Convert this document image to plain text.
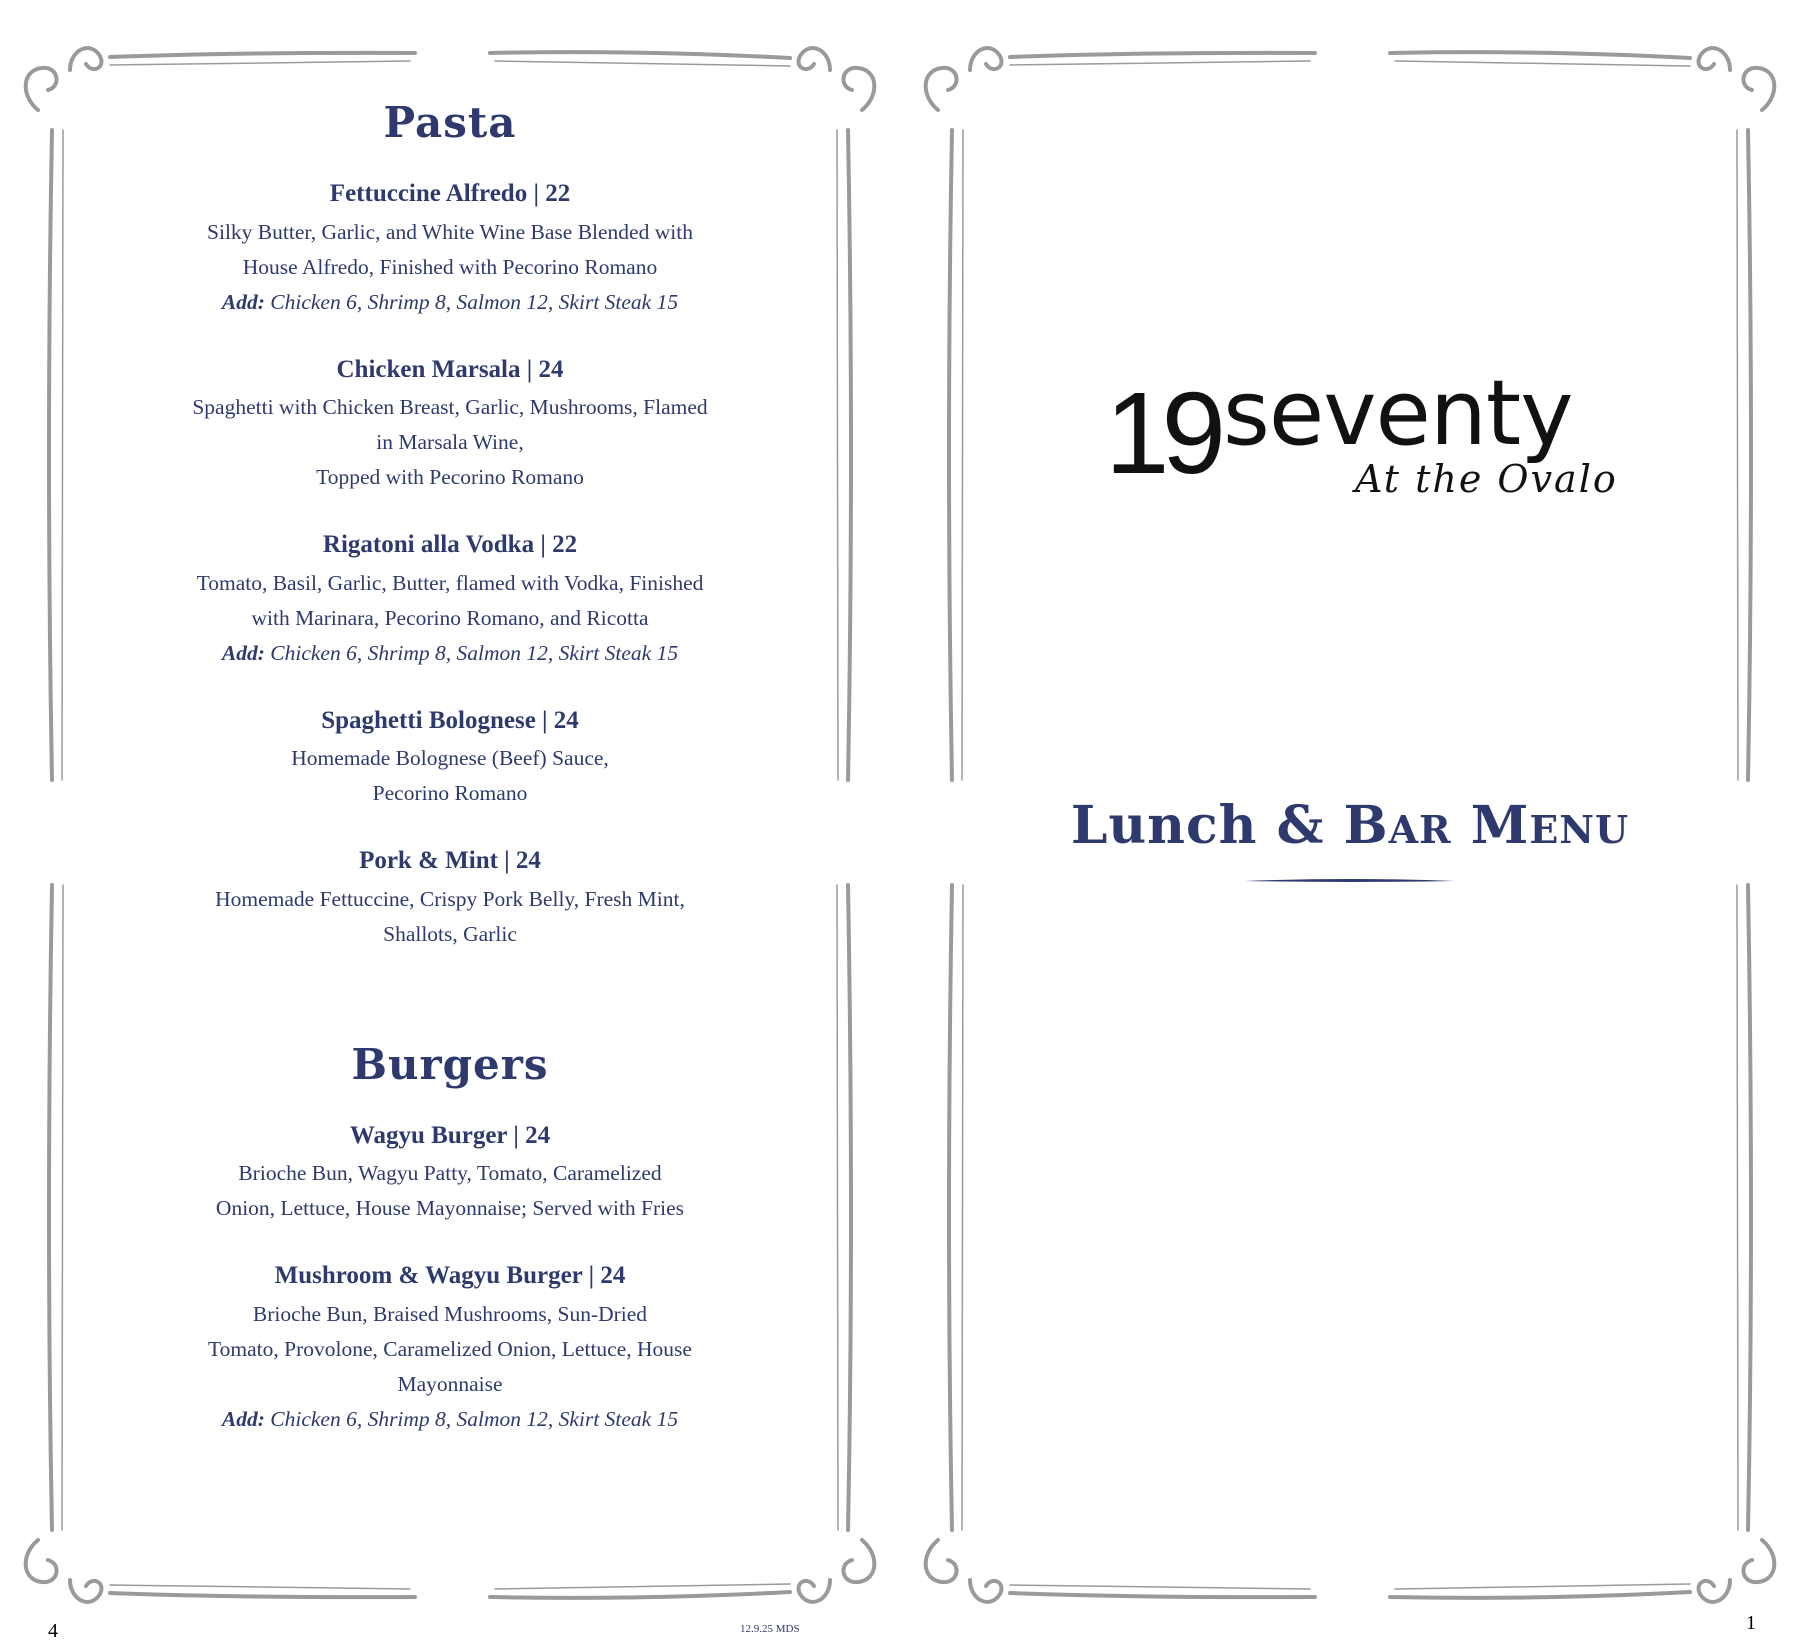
Pasta
Fettuccine Alfredo | 22
Silky Butter, Garlic, and White Wine Base Blended with
House Alfredo, Finished with Pecorino Romano
Add: Chicken 6, Shrimp 8, Salmon 12, Skirt Steak 15
Chicken Marsala | 24
Spaghetti with Chicken Breast, Garlic, Mushrooms, Flamed
in Marsala Wine,
Topped with Pecorino Romano
Rigatoni alla Vodka | 22
Tomato, Basil, Garlic, Butter, flamed with Vodka, Finished
with Marinara, Pecorino Romano, and Ricotta
Add: Chicken 6, Shrimp 8, Salmon 12, Skirt Steak 15
Spaghetti Bolognese | 24
Homemade Bolognese (Beef) Sauce,
Pecorino Romano
Pork & Mint | 24
Homemade Fettuccine, Crispy Pork Belly, Fresh Mint,
Shallots, Garlic
Burgers
Wagyu Burger | 24
Brioche Bun, Wagyu Patty, Tomato, Caramelized
Onion, Lettuce, House Mayonnaise; Served with Fries
Mushroom & Wagyu Burger | 24
Brioche Bun, Braised Mushrooms, Sun-Dried
Tomato, Provolone, Caramelized Onion, Lettuce, House
Mayonnaise
Add: Chicken 6, Shrimp 8, Salmon 12, Skirt Steak 15
4	12.9.25 MDS
19 seventy
At the Ovalo
Lunch & BAR MENU
1
